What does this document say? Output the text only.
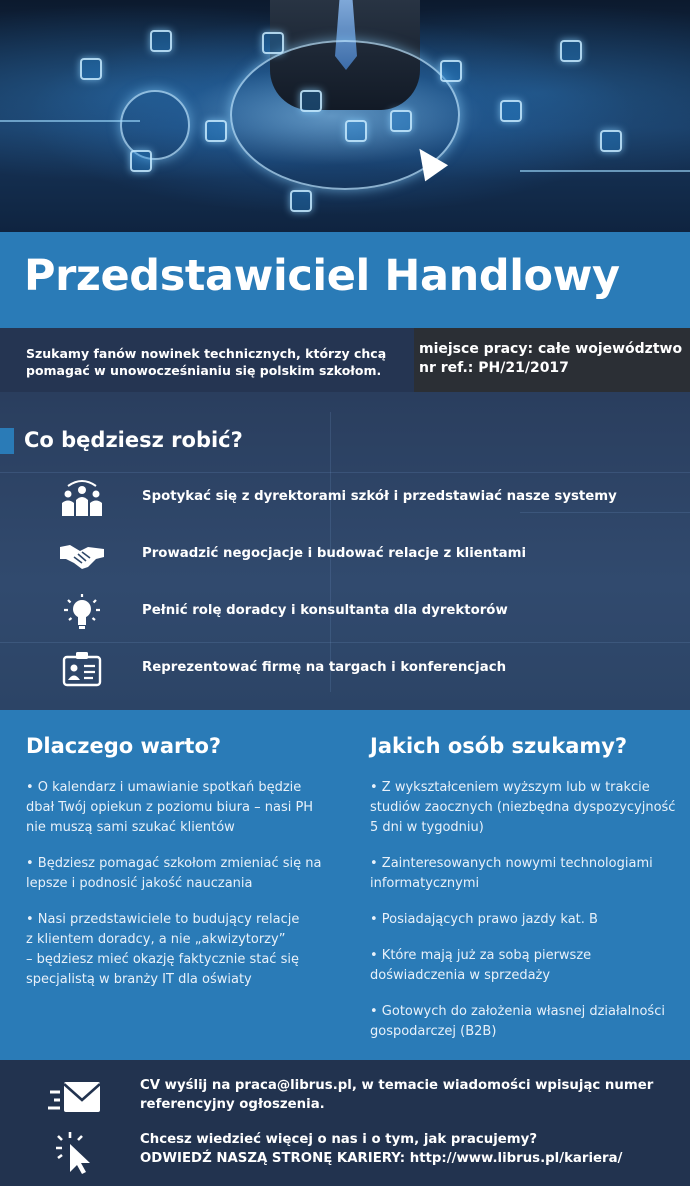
Przedstawiciel Handlowy
Szukamy fanów nowinek technicznych, którzy chcą
pomagać w unowocześnianiu się polskim szkołom.
miejsce pracy: całe województwo
nr ref.: PH/21/2017
Co będziesz robić?
Spotykać się z dyrektorami szkół i przedstawiać nasze systemy
Prowadzić negocjacje i budować relacje z klientami
Pełnić rolę doradcy i konsultanta dla dyrektorów
Reprezentować firmę na targach i konferencjach
Dlaczego warto?
• O kalendarz i umawianie spotkań będzie
dbał Twój opiekun z poziomu biura – nasi PH
nie muszą sami szukać klientów
• Będziesz pomagać szkołom zmieniać się na
lepsze i podnosić jakość nauczania
• Nasi przedstawiciele to budujący relacje
z klientem doradcy, a nie „akwizytorzy”
– będziesz mieć okazję faktycznie stać się
specjalistą w branży IT dla oświaty
Jakich osób szukamy?
• Z wykształceniem wyższym lub w trakcie
studiów zaocznych (niezbędna dyspozycyjność
5 dni w tygodniu)
• Zainteresowanych nowymi technologiami
informatycznymi
• Posiadających prawo jazdy kat. B
• Które mają już za sobą pierwsze
doświadczenia w sprzedaży
• Gotowych do założenia własnej działalności
gospodarczej (B2B)
CV wyślij na praca@librus.pl, w temacie wiadomości wpisując numer
referencyjny ogłoszenia.
Chcesz wiedzieć więcej o nas i o tym, jak pracujemy?
ODWIEDŹ NASZĄ STRONĘ KARIERY: http://www.librus.pl/kariera/
